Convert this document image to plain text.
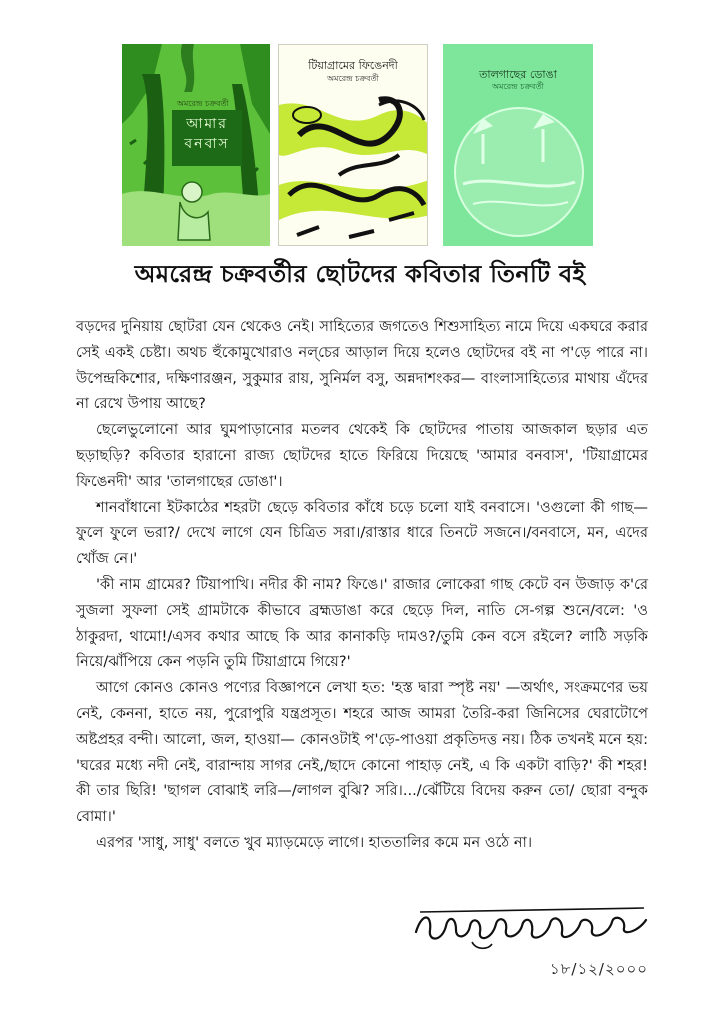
অমরেন্দ্র চক্রবর্তী
আমার
বনবাস
টিয়াগ্রামের ফিঙেনদী
অমরেন্দ্র চক্রবর্তী	তালগাছের ডোঙা
অমরেন্দ্র চক্রবর্তী
অমরেন্দ্র চক্রবর্তীর ছোটদের কবিতার তিনটি বই

বড়দের দুনিয়ায় ছোটরা যেন থেকেও নেই। সাহিত্যের জগতেও শিশুসাহিত্য নামে দিয়ে একঘরে করার সেই একই চেষ্টা। অথচ হুঁকোমুখোরাও নল্‌চের আড়াল দিয়ে হলেও ছোটদের বই না প'ড়ে পারে না। উপেন্দ্রকিশোর, দক্ষিণারঞ্জন, সুকুমার রায়, সুনির্মল বসু, অন্নদাশংকর— বাংলাসাহিত্যের মাথায় এঁদের না রেখে উপায় আছে?

ছেলেভুলোনো আর ঘুমপাড়ানোর মতলব থেকেই কি ছোটদের পাতায় আজকাল ছড়ার এত ছড়াছড়ি? কবিতার হারানো রাজ্য ছোটদের হাতে ফিরিয়ে দিয়েছে 'আমার বনবাস', 'টিয়াগ্রামের ফিঙেনদী' আর 'তালগাছের ডোঙা'।

শানবাঁধানো ইটকাঠের শহরটা ছেড়ে কবিতার কাঁধে চড়ে চলো যাই বনবাসে। 'ওগুলো কী গাছ— ফুলে ফুলে ভরা?/ দেখে লাগে যেন চিত্রিত সরা।/রাস্তার ধারে তিনটে সজনে।/বনবাসে, মন, এদের খোঁজ নে।'

'কী নাম গ্রামের? টিয়াপাখি। নদীর কী নাম? ফিঙে।' রাজার লোকেরা গাছ কেটে বন উজাড় ক'রে সুজলা সুফলা সেই গ্রামটাকে কীভাবে ব্রহ্মডাঙা করে ছেড়ে দিল, নাতি সে-গল্প শুনে/বলে: 'ও ঠাকুরদা, থামো!/এসব কথার আছে কি আর কানাকড়ি দামও?/তুমি কেন বসে রইলে? লাঠি সড়কি নিয়ে/ঝাঁপিয়ে কেন পড়নি তুমি টিয়াগ্রামে গিয়ে?'

আগে কোনও কোনও পণ্যের বিজ্ঞাপনে লেখা হত: 'হস্ত দ্বারা স্পৃষ্ট নয়' —অর্থাৎ, সংক্রমণের ভয় নেই, কেননা, হাতে নয়, পুরোপুরি যন্ত্রপ্রসূত। শহরে আজ আমরা তৈরি-করা জিনিসের ঘেরাটোপে অষ্টপ্রহর বন্দী। আলো, জল, হাওয়া— কোনওটাই প'ড়ে-পাওয়া প্রকৃতিদত্ত নয়। ঠিক তখনই মনে হয়: 'ঘরের মধ্যে নদী নেই, বারান্দায় সাগর নেই,/ছাদে কোনো পাহাড় নেই, এ কি একটা বাড়ি?' কী শহর! কী তার ছিরি! 'ছাগল বোঝাই লরি—/লাগল বুঝি? সরি।.../ঝেঁটিয়ে বিদেয় করুন তো/ ছোরা বন্দুক বোমা।'

এরপর 'সাধু, সাধু' বলতে খুব ম্যাড়মেড়ে লাগে। হাততালির কমে মন ওঠে না।

১৮/১২/২০০০
